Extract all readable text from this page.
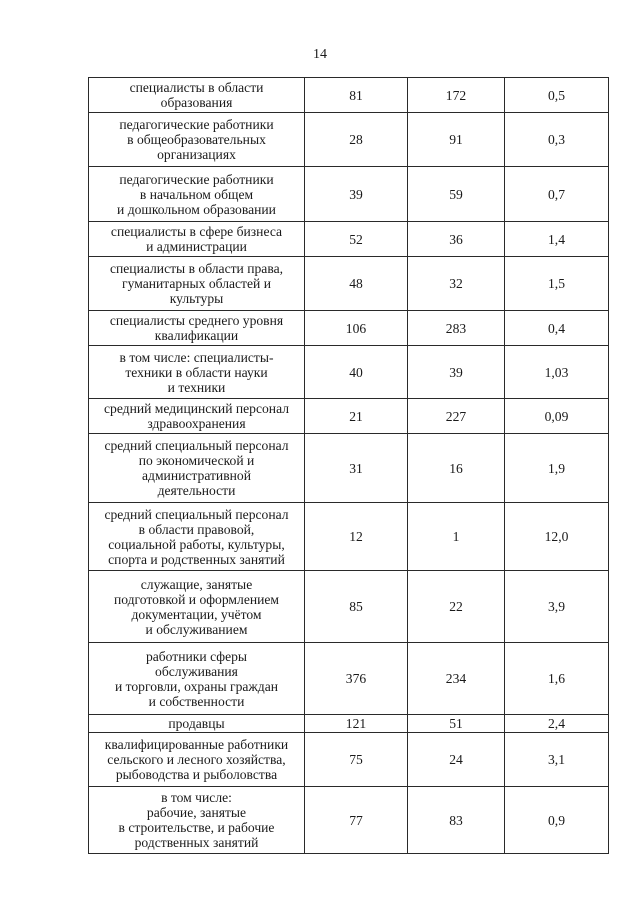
14
специалисты в области
образования	81	172	0,5
педагогические работники
в общеобразовательных
организациях	28	91	0,3
педагогические работники
в начальном общем
и дошкольном образовании	39	59	0,7
специалисты в сфере бизнеса
и администрации	52	36	1,4
специалисты в области права,
гуманитарных областей и
культуры	48	32	1,5
специалисты среднего уровня
квалификации	106	283	0,4
в том числе: специалисты-
техники в области науки
и техники	40	39	1,03
средний медицинский персонал
здравоохранения	21	227	0,09
средний специальный персонал
по экономической и
административной
деятельности	31	16	1,9
средний специальный персонал
в области правовой,
социальной работы, культуры,
спорта и родственных занятий	12	1	12,0
служащие, занятые
подготовкой и оформлением
документации, учётом
и обслуживанием	85	22	3,9
работники сферы
обслуживания
и торговли, охраны граждан
и собственности	376	234	1,6
продавцы	121	51	2,4
квалифицированные работники
сельского и лесного хозяйства,
рыбоводства и рыболовства	75	24	3,1
в том числе:
рабочие, занятые
в строительстве, и рабочие
родственных занятий	77	83	0,9
